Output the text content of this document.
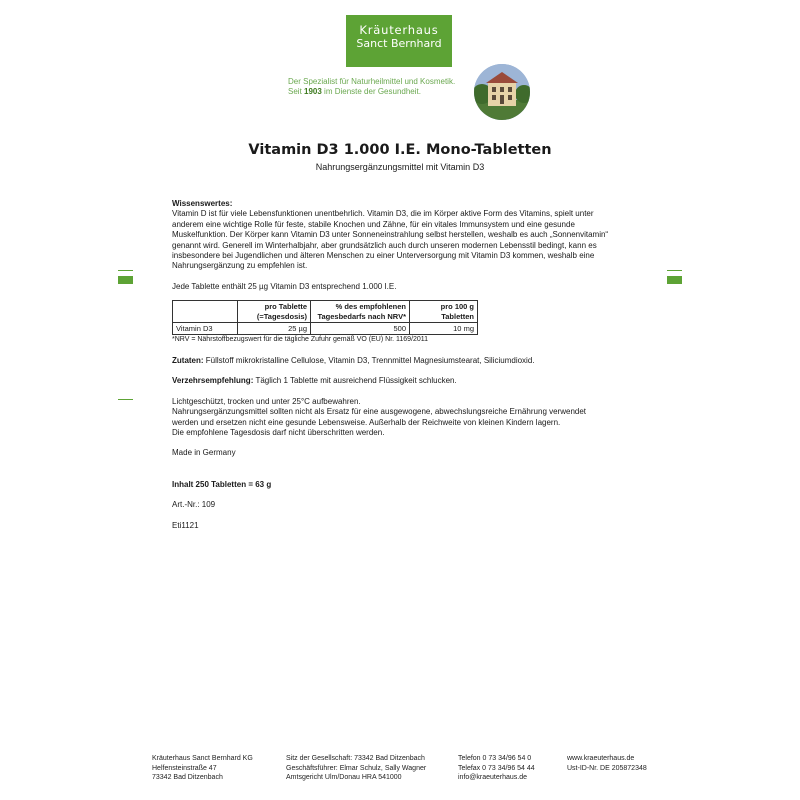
Kräuterhaus
Sanct Bernhard
Der Spezialist für Naturheilmittel und Kosmetik.
Seit 1903 im Dienste der Gesundheit.
Vitamin D3 1.000 I.E. Mono-Tabletten
Nahrungsergänzungsmittel mit Vitamin D3

Wissenswertes:

Vitamin D ist für viele Lebensfunktionen unentbehrlich. Vitamin D3, die im Körper aktive Form des Vitamins, spielt unter anderem eine wichtige Rolle für feste, stabile Knochen und Zähne, für ein vitales Immunsystem und eine gesunde Muskelfunktion. Der Körper kann Vitamin D3 unter Sonneneinstrahlung selbst herstellen, weshalb es auch „Sonnenvitamin“ genannt wird. Generell im Winterhalbjahr, aber grundsätzlich auch durch unseren modernen Lebensstil bedingt, kann es insbesondere bei Jugendlichen und älteren Menschen zu einer Unterversorgung mit Vitamin D3 kommen, weshalb eine Nahrungsergänzung zu empfehlen ist.

Jede Tablette enthält 25 µg Vitamin D3 entsprechend 1.000 I.E.

	pro Tablette (=Tagesdosis)	% des empfohlenen Tagesbedarfs nach NRV*	pro 100 g Tabletten
Vitamin D3	25 µg	500	10 mg

*NRV = Nährstoffbezugswert für die tägliche Zufuhr gemäß VO (EU) Nr. 1169/2011

Zutaten: Füllstoff mikrokristalline Cellulose, Vitamin D3, Trennmittel Magnesiumstearat, Siliciumdioxid.

Verzehrsempfehlung: Täglich 1 Tablette mit ausreichend Flüssigkeit schlucken.

Lichtgeschützt, trocken und unter 25°C aufbewahren.

Nahrungsergänzungsmittel sollten nicht als Ersatz für eine ausgewogene, abwechslungsreiche Ernährung verwendet werden und ersetzen nicht eine gesunde Lebensweise. Außerhalb der Reichweite von kleinen Kindern lagern.

Die empfohlene Tagesdosis darf nicht überschritten werden.

Made in Germany

Inhalt 250 Tabletten = 63 g

Art.-Nr.: 109

Eti1121

Kräuterhaus Sanct Bernhard KG
Helfensteinstraße 47
73342 Bad Ditzenbach
Sitz der Gesellschaft: 73342 Bad Ditzenbach
Geschäftsführer: Elmar Schulz, Sally Wagner
Amtsgericht Ulm/Donau HRA 541000
Telefon 0 73 34/96 54 0
Telefax 0 73 34/96 54 44
info@kraeuterhaus.de
www.kraeuterhaus.de
Ust-ID-Nr. DE 205872348
